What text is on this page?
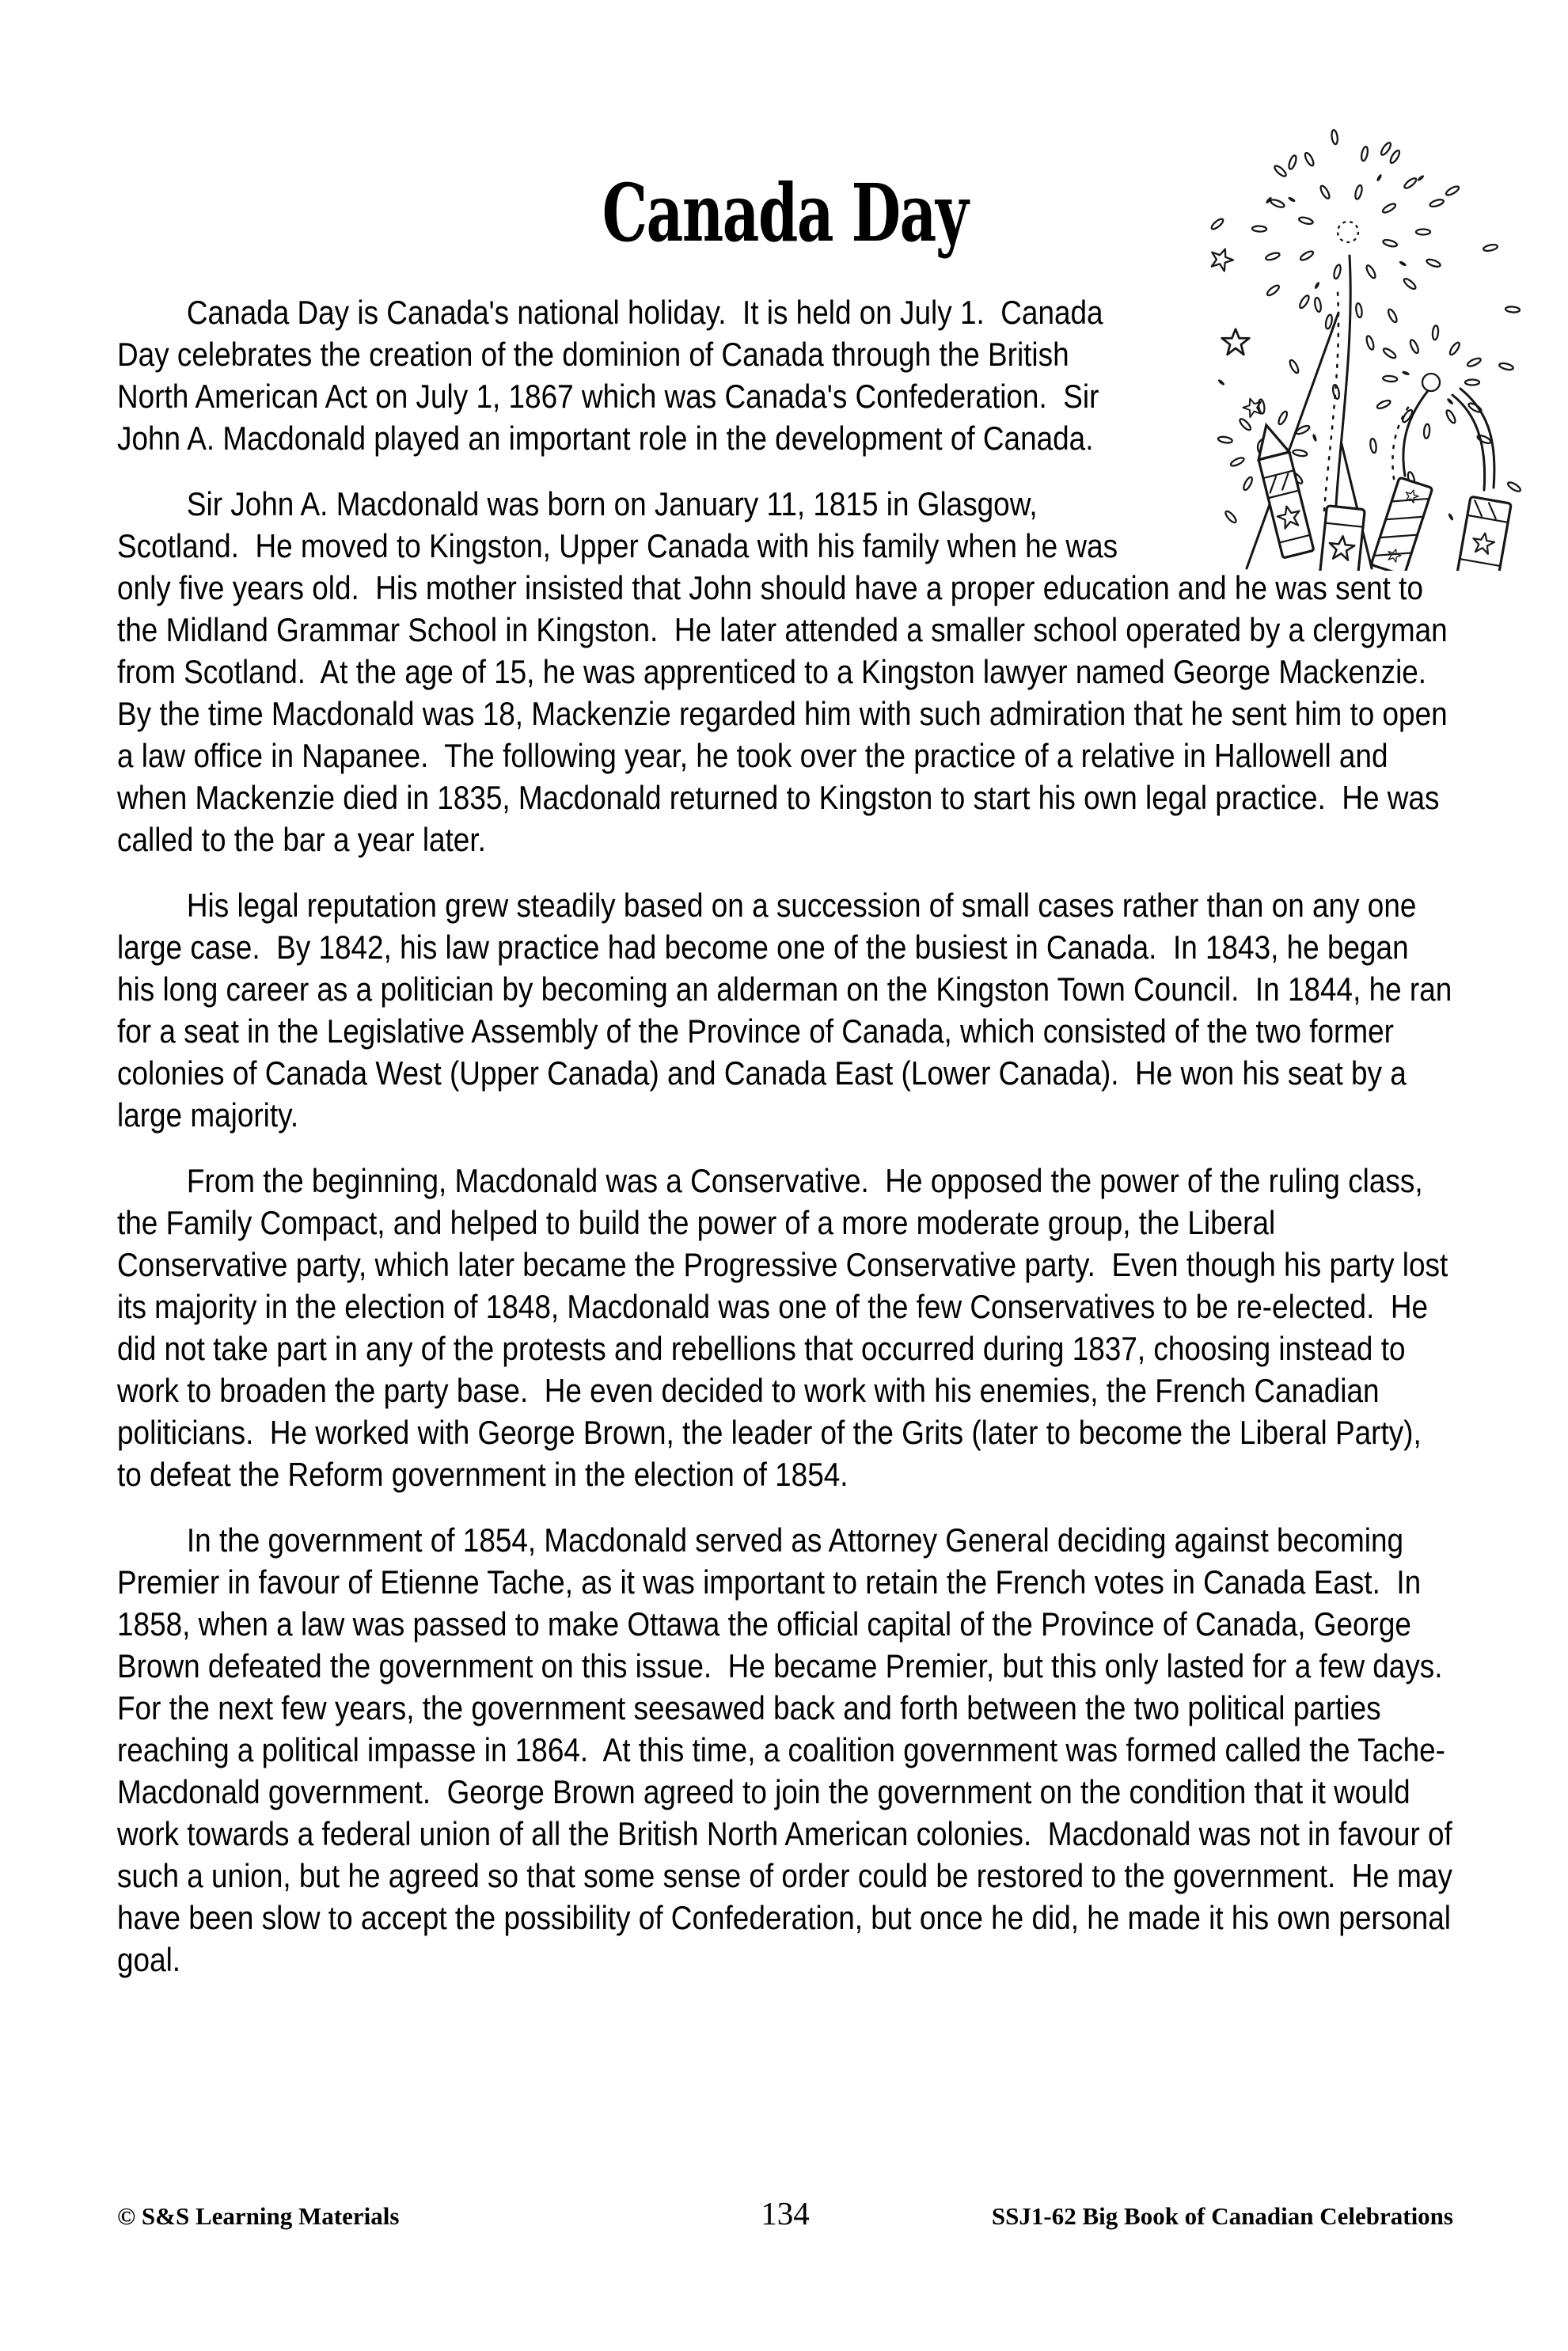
Canada Day

Canada Day is Canada's national holiday.  It is held on July 1.  Canada Day celebrates the creation of the dominion of Canada through the British North American Act on July 1, 1867 which was Canada's Confederation.  Sir John A. Macdonald played an important role in the development of Canada.

Sir John A. Macdonald was born on January 11, 1815 in Glasgow, Scotland.  He moved to Kingston, Upper Canada with his family when he was only five years old.  His mother insisted that John should have a proper education and he was sent to the Midland Grammar School in Kingston.  He later attended a smaller school operated by a clergyman from Scotland.  At the age of 15, he was apprenticed to a Kingston lawyer named George Mackenzie.  By the time Macdonald was 18, Mackenzie regarded him with such admiration that he sent him to open a law office in Napanee.  The following year, he took over the practice of a relative in Hallowell and when Mackenzie died in 1835, Macdonald returned to Kingston to start his own legal practice.  He was called to the bar a year later.

His legal reputation grew steadily based on a succession of small cases rather than on any one large case.  By 1842, his law practice had become one of the busiest in Canada.  In 1843, he began his long career as a politician by becoming an alderman on the Kingston Town Council.  In 1844, he ran for a seat in the Legislative Assembly of the Province of Canada, which consisted of the two former colonies of Canada West (Upper Canada) and Canada East (Lower Canada).  He won his seat by a large majority.

From the beginning, Macdonald was a Conservative.  He opposed the power of the ruling class, the Family Compact, and helped to build the power of a more moderate group, the Liberal Conservative party, which later became the Progressive Conservative party.  Even though his party lost its majority in the election of 1848, Macdonald was one of the few Conservatives to be re-elected.  He did not take part in any of the protests and rebellions that occurred during 1837, choosing instead to work to broaden the party base.  He even decided to work with his enemies, the French Canadian politicians.  He worked with George Brown, the leader of the Grits (later to become the Liberal Party), to defeat the Reform government in the election of 1854.

In the government of 1854, Macdonald served as Attorney General deciding against becoming Premier in favour of Etienne Tache, as it was important to retain the French votes in Canada East.  In 1858, when a law was passed to make Ottawa the official capital of the Province of Canada, George Brown defeated the government on this issue.  He became Premier, but this only lasted for a few days.  For the next few years, the government seesawed back and forth between the two political parties reaching a political impasse in 1864.  At this time, a coalition government was formed called the Tache-Macdonald government.  George Brown agreed to join the government on the condition that it would work towards a federal union of all the British North American colonies.  Macdonald was not in favour of such a union, but he agreed so that some sense of order could be restored to the government.  He may have been slow to accept the possibility of Confederation, but once he did, he made it his own personal goal.

© S&S Learning Materials	134	SSJ1-62 Big Book of Canadian Celebrations
